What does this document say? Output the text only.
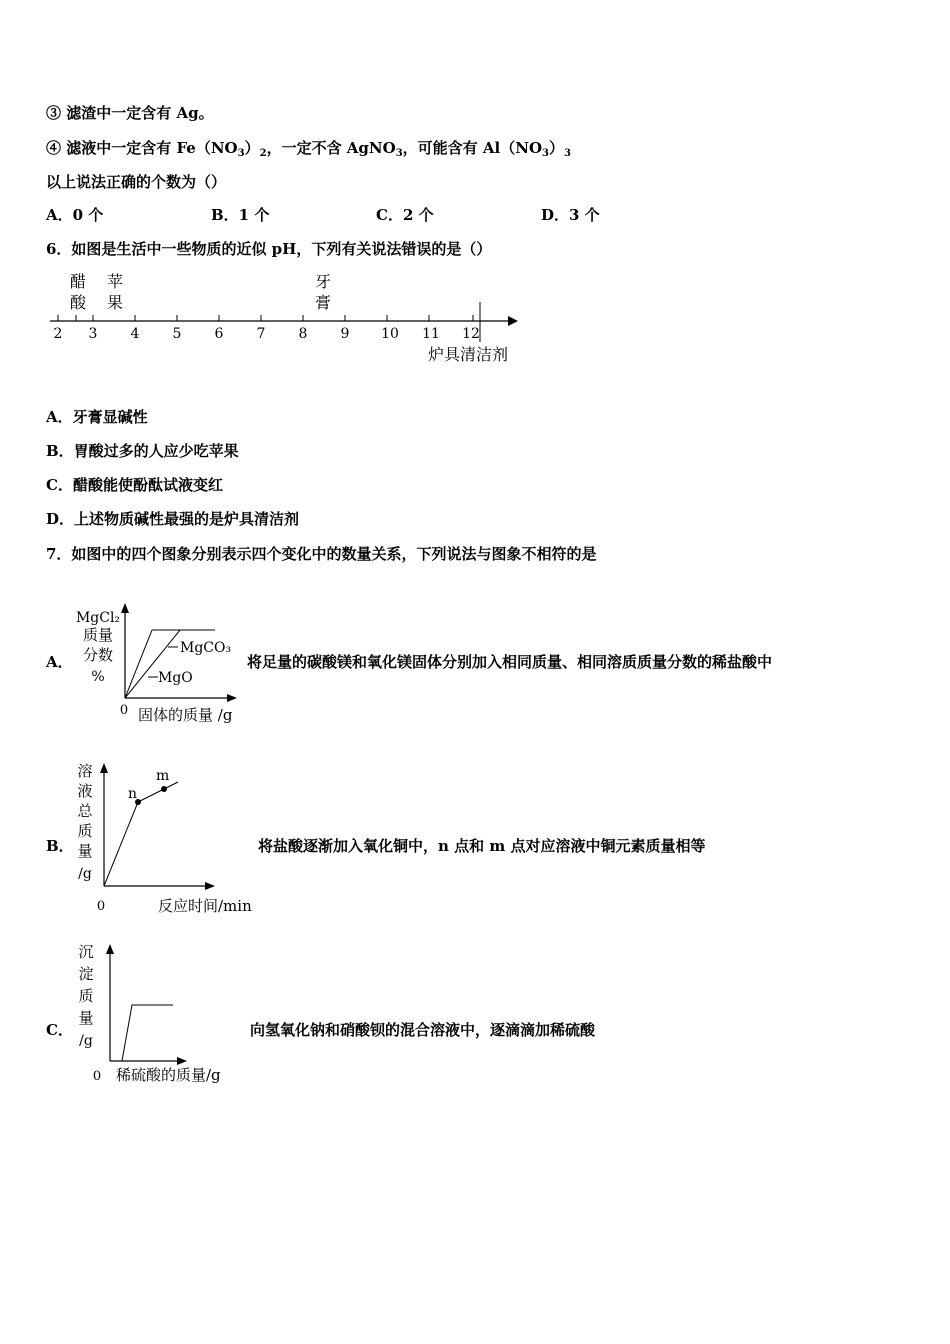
③ 滤渣中一定含有 Ag。
④ 滤液中一定含有 $Fe(NO_3)_2$，一定不含 AgNO$_3$，可能含有 $Al(NO_3)_3$
以上说法正确的个数为（）
A．0 个	B．1 个	C．2 个	D．3 个
6．如图是生活中一些物质的近似 pH，下列有关说法错误的是（）
2 3 4 5 6 7 8 9 10 11 12
醋
酸
苹
果
牙
膏
炉具清洁剂
A．牙膏显碱性
B．胃酸过多的人应少吃苹果
C．醋酸能使酚酞试液变红
D．上述物质碱性最强的是炉具清洁剂
7．如图中的四个图象分别表示四个变化中的数量关系，下列说法与图象不相符的是
A．
MgCl₂
质量
分数
%
MgCO₃
MgO
0 固体的质量 /g
将足量的碳酸镁和氧化镁固体分别加入相同质量、相同溶质质量分数的稀盐酸中
B．
n
m
溶
液
总
质
量
/g
0	反应时间/min
将盐酸逐渐加入氧化铜中，n 点和 m 点对应溶液中铜元素质量相等
C．
沉
淀
质
量
/g
0 稀硫酸的质量/g
向氢氧化钠和硝酸钡的混合溶液中，逐滴滴加稀硫酸
